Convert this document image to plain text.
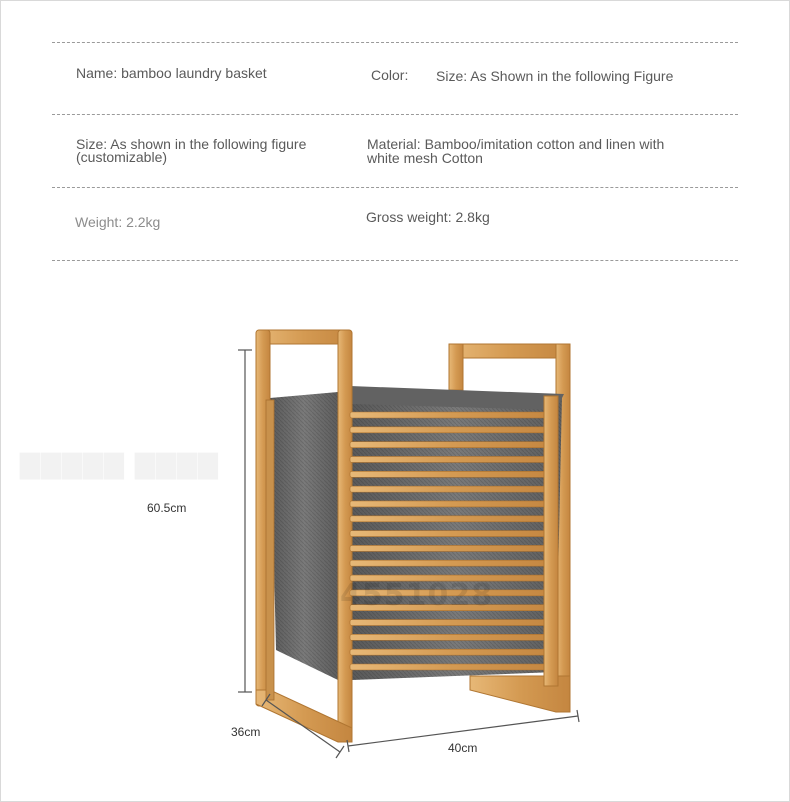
Name: bamboo laundry basket	Color: Size: As Shown in the following Figure
Size: As shown in the following figure
(customizable)
Material: Bamboo/imitation cotton and linen with
white mesh Cotton
Weight: 2.2kg	Gross weight: 2.8kg
▇▇▇▇▇ ▇▇▇▇
4551028
60.5cm
36cm
40cm
